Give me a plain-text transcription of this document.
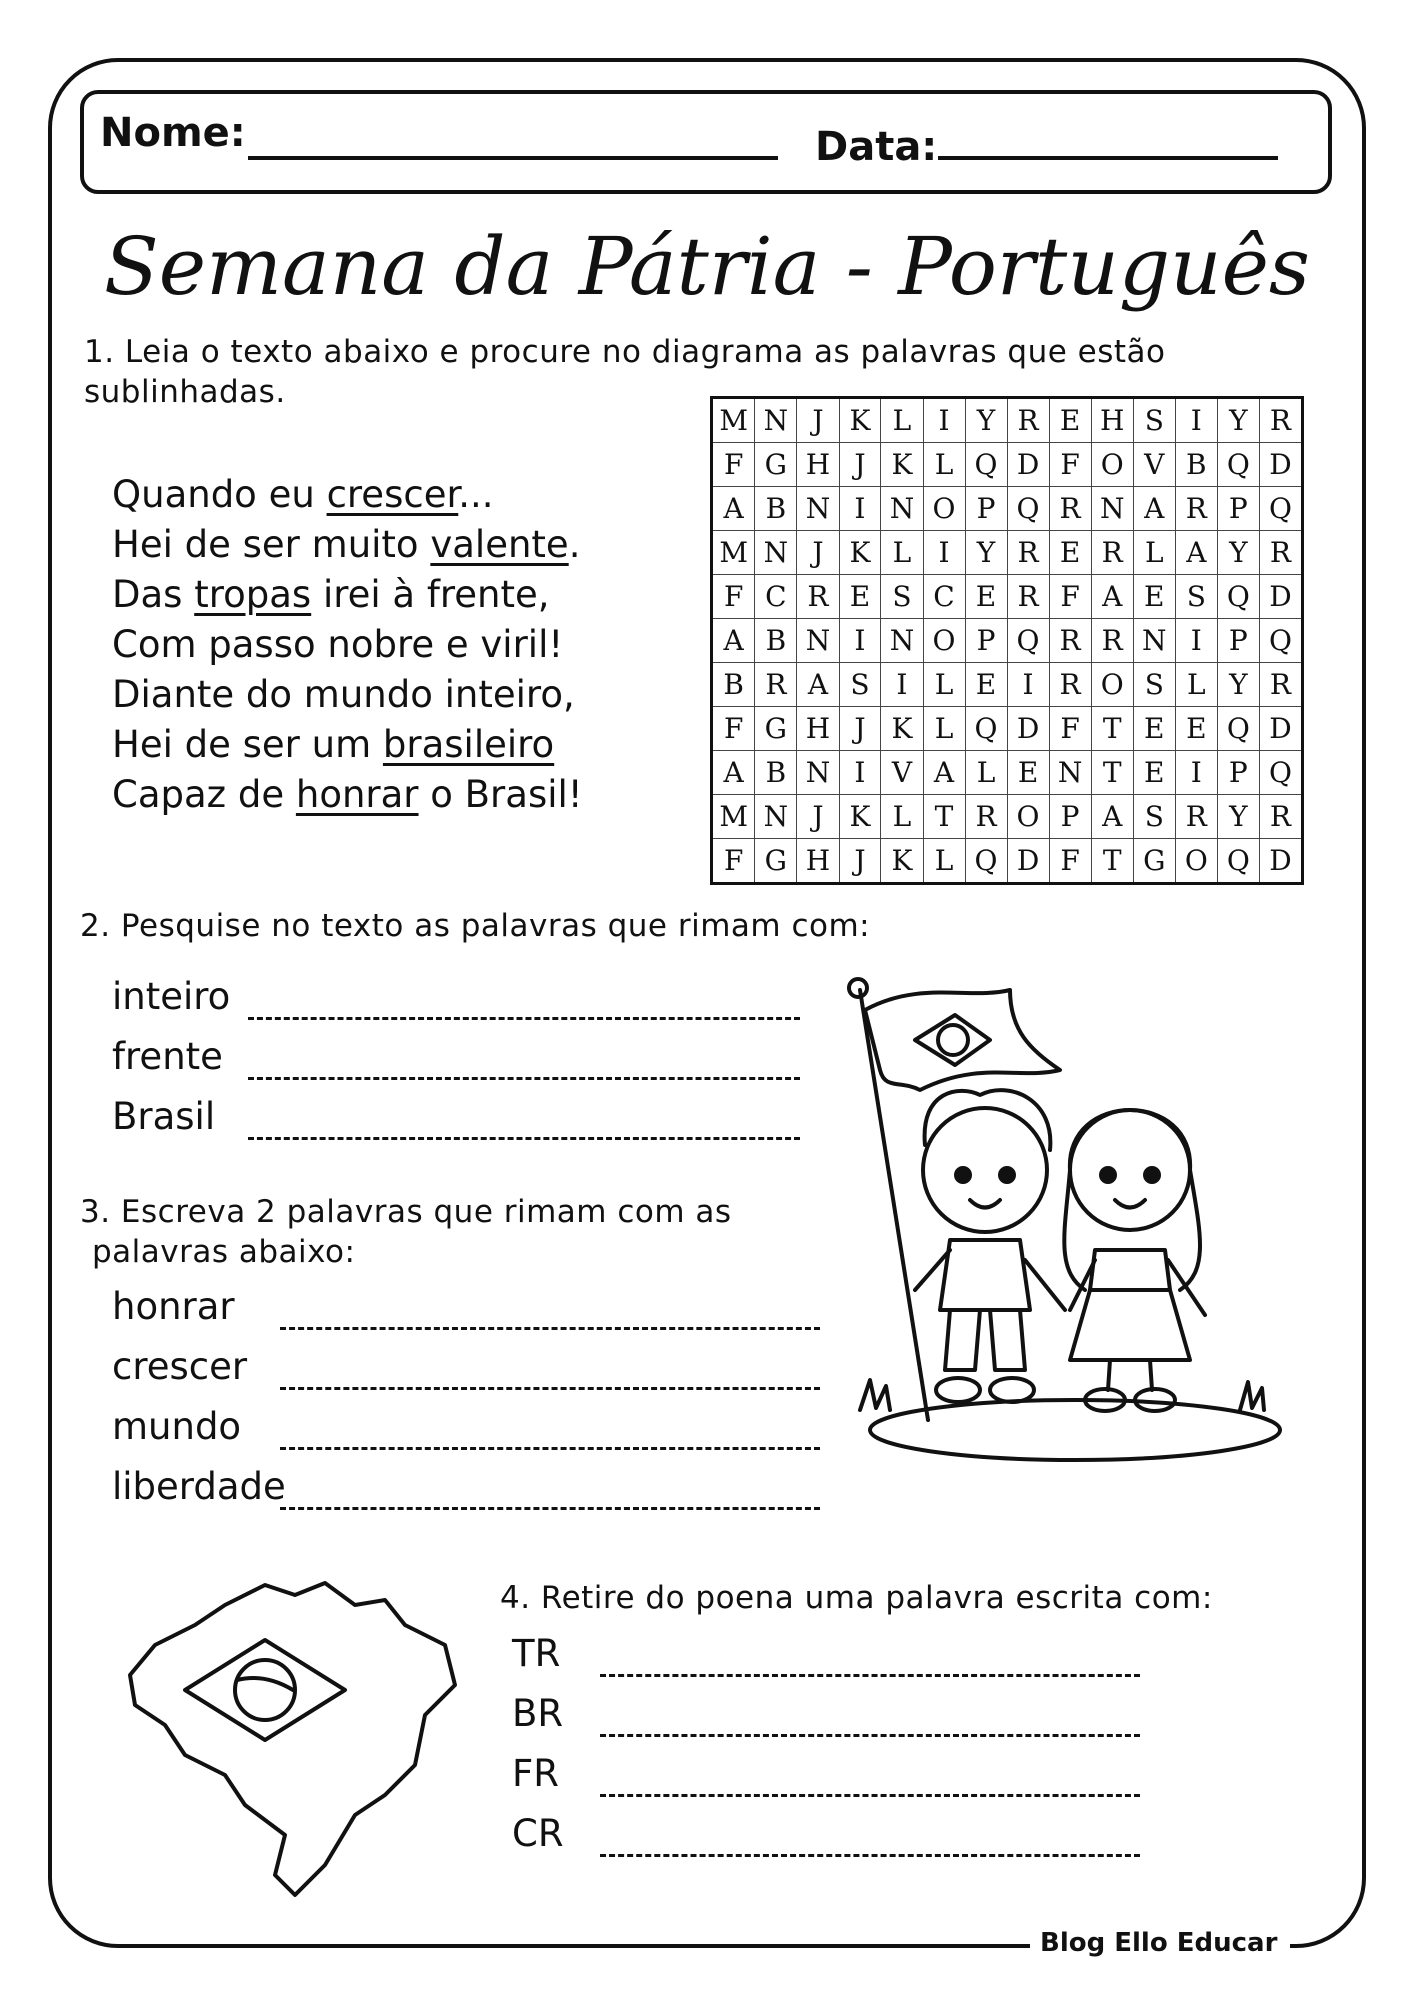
Blog Ello Educar
Nome:	Data:
Semana da Pátria - Português
1. Leia o texto abaixo e procure no diagrama as palavras que estão sublinhadas.
Quando eu crescer...
Hei de ser muito valente.
Das tropas irei à frente,
Com passo nobre e viril!
Diante do mundo inteiro,
Hei de ser um brasileiro
Capaz de honrar o Brasil!
M	N	J	K	L	I	Y	R	E	H	S	I	Y	R
F	G	H	J	K	L	Q	D	F	O	V	B	Q	D
A	B	N	I	N	O	P	Q	R	N	A	R	P	Q
M	N	J	K	L	I	Y	R	E	R	L	A	Y	R
F	C	R	E	S	C	E	R	F	A	E	S	Q	D
A	B	N	I	N	O	P	Q	R	R	N	I	P	Q
B	R	A	S	I	L	E	I	R	O	S	L	Y	R
F	G	H	J	K	L	Q	D	F	T	E	E	Q	D
A	B	N	I	V	A	L	E	N	T	E	I	P	Q
M	N	J	K	L	T	R	O	P	A	S	R	Y	R
F	G	H	J	K	L	Q	D	F	T	G	O	Q	D
2. Pesquise no texto as palavras que rimam com:
inteiro
frente
Brasil
3. Escreva 2 palavras que rimam com as
palavras abaixo:
honrar
crescer
mundo
liberdade
4. Retire do poena uma palavra escrita com:
TR
BR
FR
CR
